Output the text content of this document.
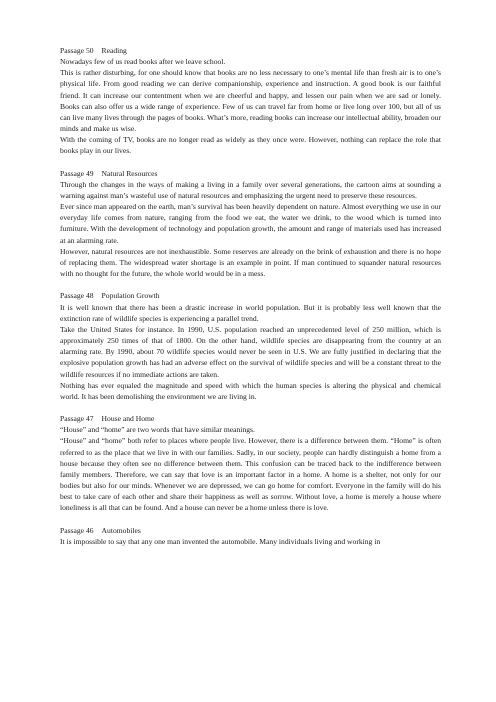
Passage 50 Reading

Nowadays few of us read books after we leave school.

This is rather disturbing, for one should know that books are no less necessary to one’s mental life than fresh air is to one’s physical life. From good reading we can derive companionship, experience and instruction. A good book is our faithful friend. It can increase our contentment when we are cheerful and happy, and lessen our pain when we are sad or lonely. Books can also offer us a wide range of experience. Few of us can travel far from home or live long over 100, but all of us can live many lives through the pages of books. What’s more, reading books can increase our intellectual ability, broaden our minds and make us wise.

With the coming of TV, books are no longer read as widely as they once were. However, nothing can replace the role that books play in our lives.

Passage 49 Natural Resources

Through the changes in the ways of making a living in a family over several generations, the cartoon aims at sounding a warning against man’s wasteful use of natural resources and emphasizing the urgent need to preserve these resources.

Ever since man appeared on the earth, man’s survival has been heavily dependent on nature. Almost everything we use in our everyday life comes from nature, ranging from the food we eat, the water we drink, to the wood which is turned into furniture. With the development of technology and population growth, the amount and range of materials used has increased at an alarming rate.

However, natural resources are not inexhaustible. Some reserves are already on the brink of exhaustion and there is no hope of replacing them. The widespread water shortage is an example in point. If man continued to squander natural resources with no thought for the future, the whole world would be in a mess.

Passage 48 Population Growth

It is well known that there has been a drastic increase in world population. But it is probably less well known that the extinction rate of wildlife species is experiencing a parallel trend.

Take the United States for instance. In 1990, U.S. population reached an unprecedented level of 250 million, which is approximately 250 times of that of 1800. On the other hand, wildlife species are disappearing from the country at an alarming rate. By 1990, about 70 wildlife species would never be seen in U.S. We are fully justified in declaring that the explosive population growth has had an adverse effect on the survival of wildlife species and will be a constant threat to the wildlife resources if no immediate actions are taken.

Nothing has ever equaled the magnitude and speed with which the human species is altering the physical and chemical world. It has been demolishing the environment we are living in.

Passage 47 House and Home

“House” and “home” are two words that have similar meanings.

“House” and “home” both refer to places where people live. However, there is a difference between them. “Home” is often referred to as the place that we live in with our families. Sadly, in our society, people can hardly distinguish a home from a house because they often see no difference between them. This confusion can be traced back to the indifference between family members. Therefore, we can say that love is an important factor in a home. A home is a shelter, not only for our bodies but also for our minds. Whenever we are depressed, we can go home for comfort. Everyone in the family will do his best to take care of each other and share their happiness as well as sorrow. Without love, a home is merely a house where loneliness is all that can be found. And a house can never be a home unless there is love.

Passage 46 Automobiles

It is impossible to say that any one man invented the automobile. Many individuals living and working in
